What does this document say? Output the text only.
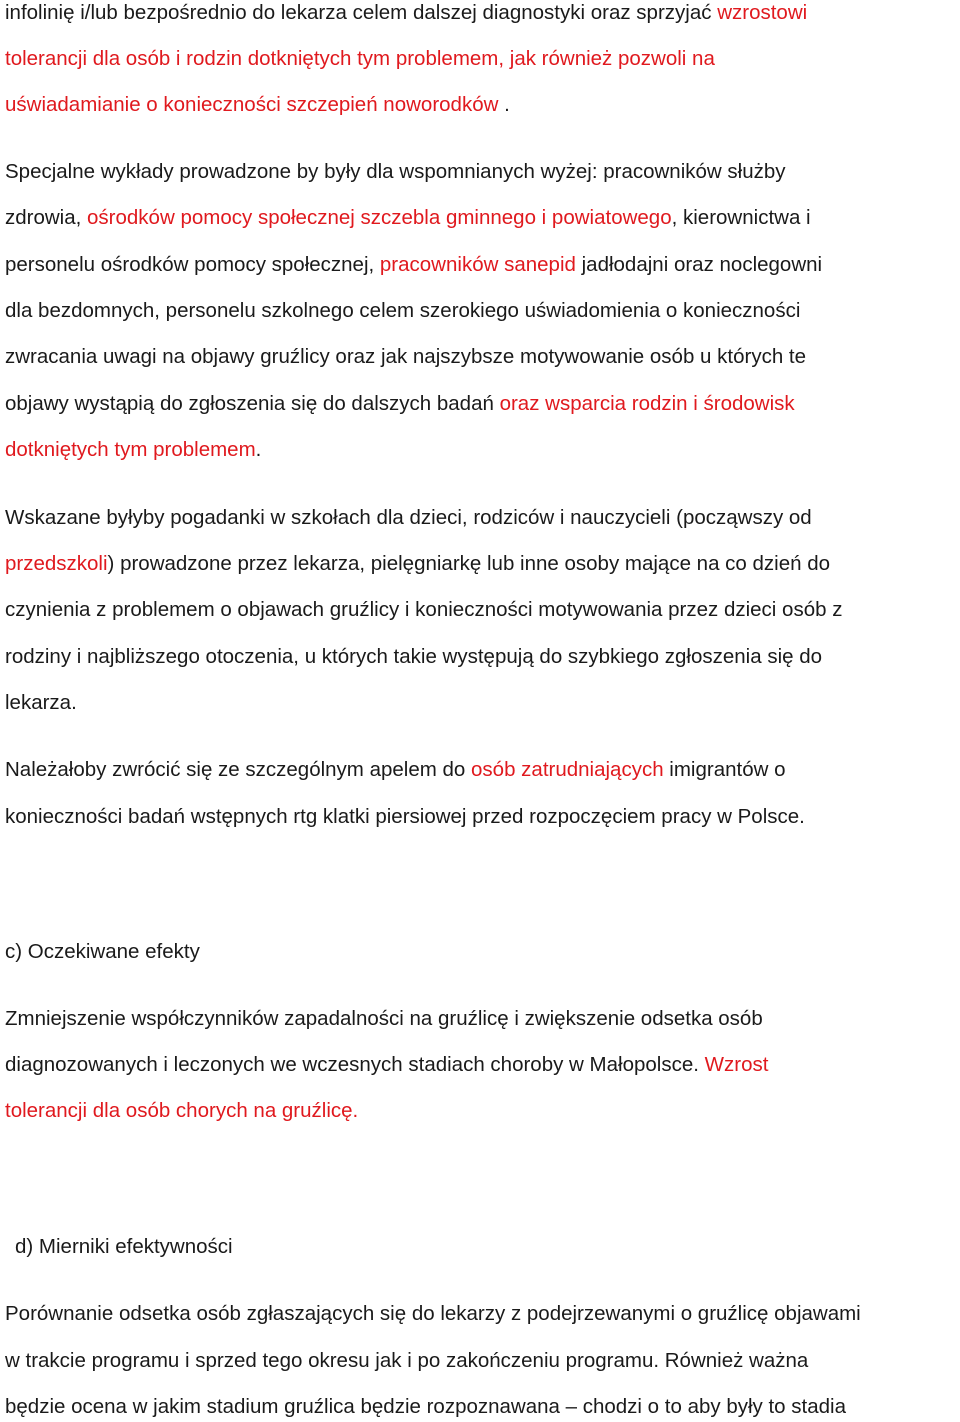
infolinię i/lub bezpośrednio do lekarza celem dalszej diagnostyki oraz sprzyjać wzrostowi
tolerancji dla osób i rodzin dotkniętych tym problemem, jak również pozwoli na
uświadamianie o konieczności szczepień noworodków .
Specjalne wykłady prowadzone by były dla wspomnianych wyżej: pracowników służby
zdrowia, ośrodków pomocy społecznej szczebla gminnego i powiatowego, kierownictwa i
personelu ośrodków pomocy społecznej, pracowników sanepid jadłodajni oraz noclegowni
dla bezdomnych, personelu szkolnego celem szerokiego uświadomienia o konieczności
zwracania uwagi na objawy gruźlicy oraz jak najszybsze motywowanie osób u których te
objawy wystąpią do zgłoszenia się do dalszych badań oraz wsparcia rodzin i środowisk
dotkniętych tym problemem.
Wskazane byłyby pogadanki w szkołach dla dzieci, rodziców i nauczycieli (począwszy od
przedszkoli) prowadzone przez lekarza, pielęgniarkę lub inne osoby mające na co dzień do
czynienia z problemem o objawach gruźlicy i konieczności motywowania przez dzieci osób z
rodziny i najbliższego otoczenia, u których takie występują do szybkiego zgłoszenia się do
lekarza.
Należałoby zwrócić się ze szczególnym apelem do osób zatrudniających imigrantów o
konieczności badań wstępnych rtg klatki piersiowej przed rozpoczęciem pracy w Polsce.
c) Oczekiwane efekty
Zmniejszenie współczynników zapadalności na gruźlicę i zwiększenie odsetka osób
diagnozowanych i leczonych we wczesnych stadiach choroby w Małopolsce. Wzrost
tolerancji dla osób chorych na gruźlicę.
d) Mierniki efektywności
Porównanie odsetka osób zgłaszających się do lekarzy z podejrzewanymi o gruźlicę objawami
w trakcie programu i sprzed tego okresu jak i po zakończeniu programu. Również ważna
będzie ocena w jakim stadium gruźlica będzie rozpoznawana – chodzi o to aby były to stadia
